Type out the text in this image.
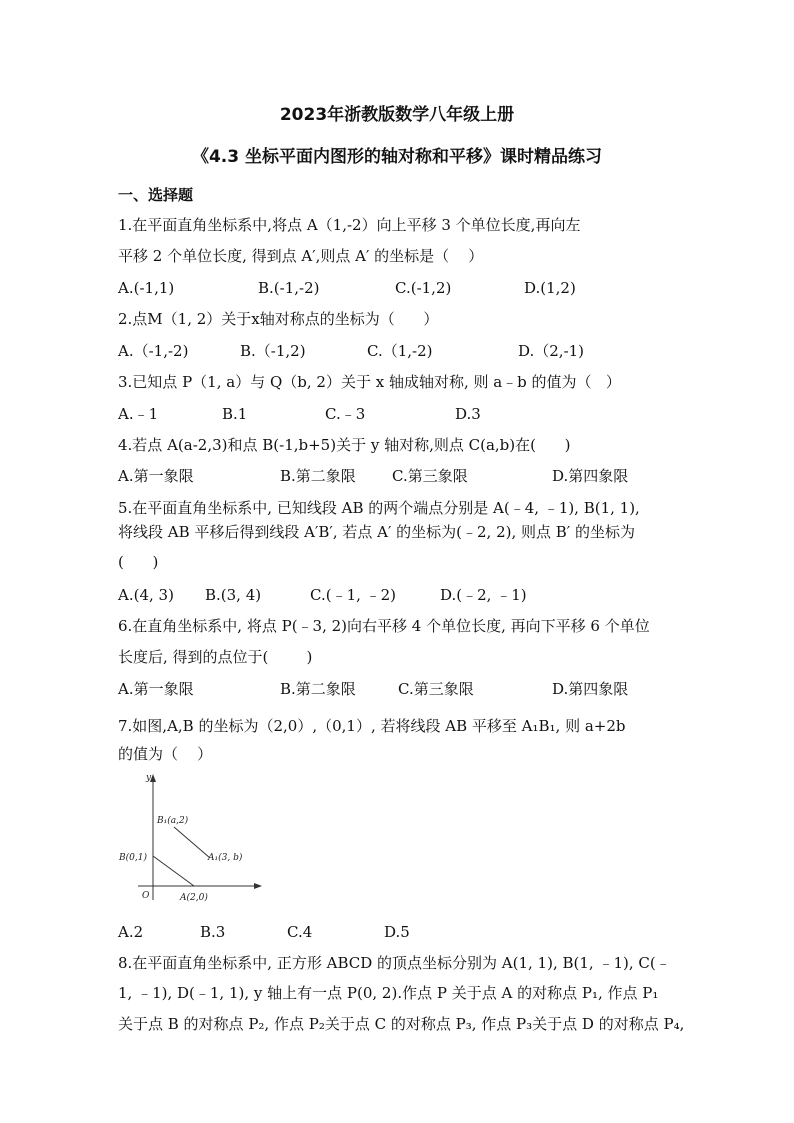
2023年浙教版数学八年级上册
《4.3 坐标平面内图形的轴对称和平移》课时精品练习
一、选择题
1.在平面直角坐标系中,将点 A（1,-2）向上平移 3 个单位长度,再向左
平移 2 个单位长度, 得到点 A′,则点 A′ 的坐标是（    ）
A.(-1,1)	B.(-1,-2)	C.(-1,2)	D.(1,2)
2.点M（1, 2）关于x轴对称点的坐标为（      ）
A.（-1,-2)	B.（-1,2)	C.（1,-2)	D.（2,-1)
3.已知点 P（1, a）与 Q（b, 2）关于 x 轴成轴对称, 则 a﹣b 的值为（   ）
A.﹣1	B.1	C.﹣3	D.3
4.若点 A(a-2,3)和点 B(-1,b+5)关于 y 轴对称,则点 C(a,b)在(      )
A.第一象限	B.第二象限 C.第三象限	D.第四象限
5.在平面直角坐标系中, 已知线段 AB 的两个端点分别是 A(﹣4, ﹣1), B(1, 1),
将线段 AB 平移后得到线段 A′B′, 若点 A′ 的坐标为(﹣2, 2), 则点 B′ 的坐标为
(      )
A.(4, 3) B.(3, 4)	C.(﹣1, ﹣2)	D.(﹣2, ﹣1)
6.在直角坐标系中, 将点 P(﹣3, 2)向右平移 4 个单位长度, 再向下平移 6 个单位
长度后, 得到的点位于(        )
A.第一象限	B.第二象限	C.第三象限	D.第四象限
7.如图,A,B 的坐标为（2,0）,（0,1）, 若将线段 AB 平移至 A₁B₁, 则 a+2b
的值为（    ）
y
O
B(0,1)
A(2,0)
B₁(a,2)
A₁(3, b)
A.2	B.3	C.4	D.5
8.在平面直角坐标系中, 正方形 ABCD 的顶点坐标分别为 A(1, 1), B(1, ﹣1), C(﹣
1, ﹣1), D(﹣1, 1), y 轴上有一点 P(0, 2).作点 P 关于点 A 的对称点 P₁, 作点 P₁
关于点 B 的对称点 P₂, 作点 P₂关于点 C 的对称点 P₃, 作点 P₃关于点 D 的对称点 P₄,
